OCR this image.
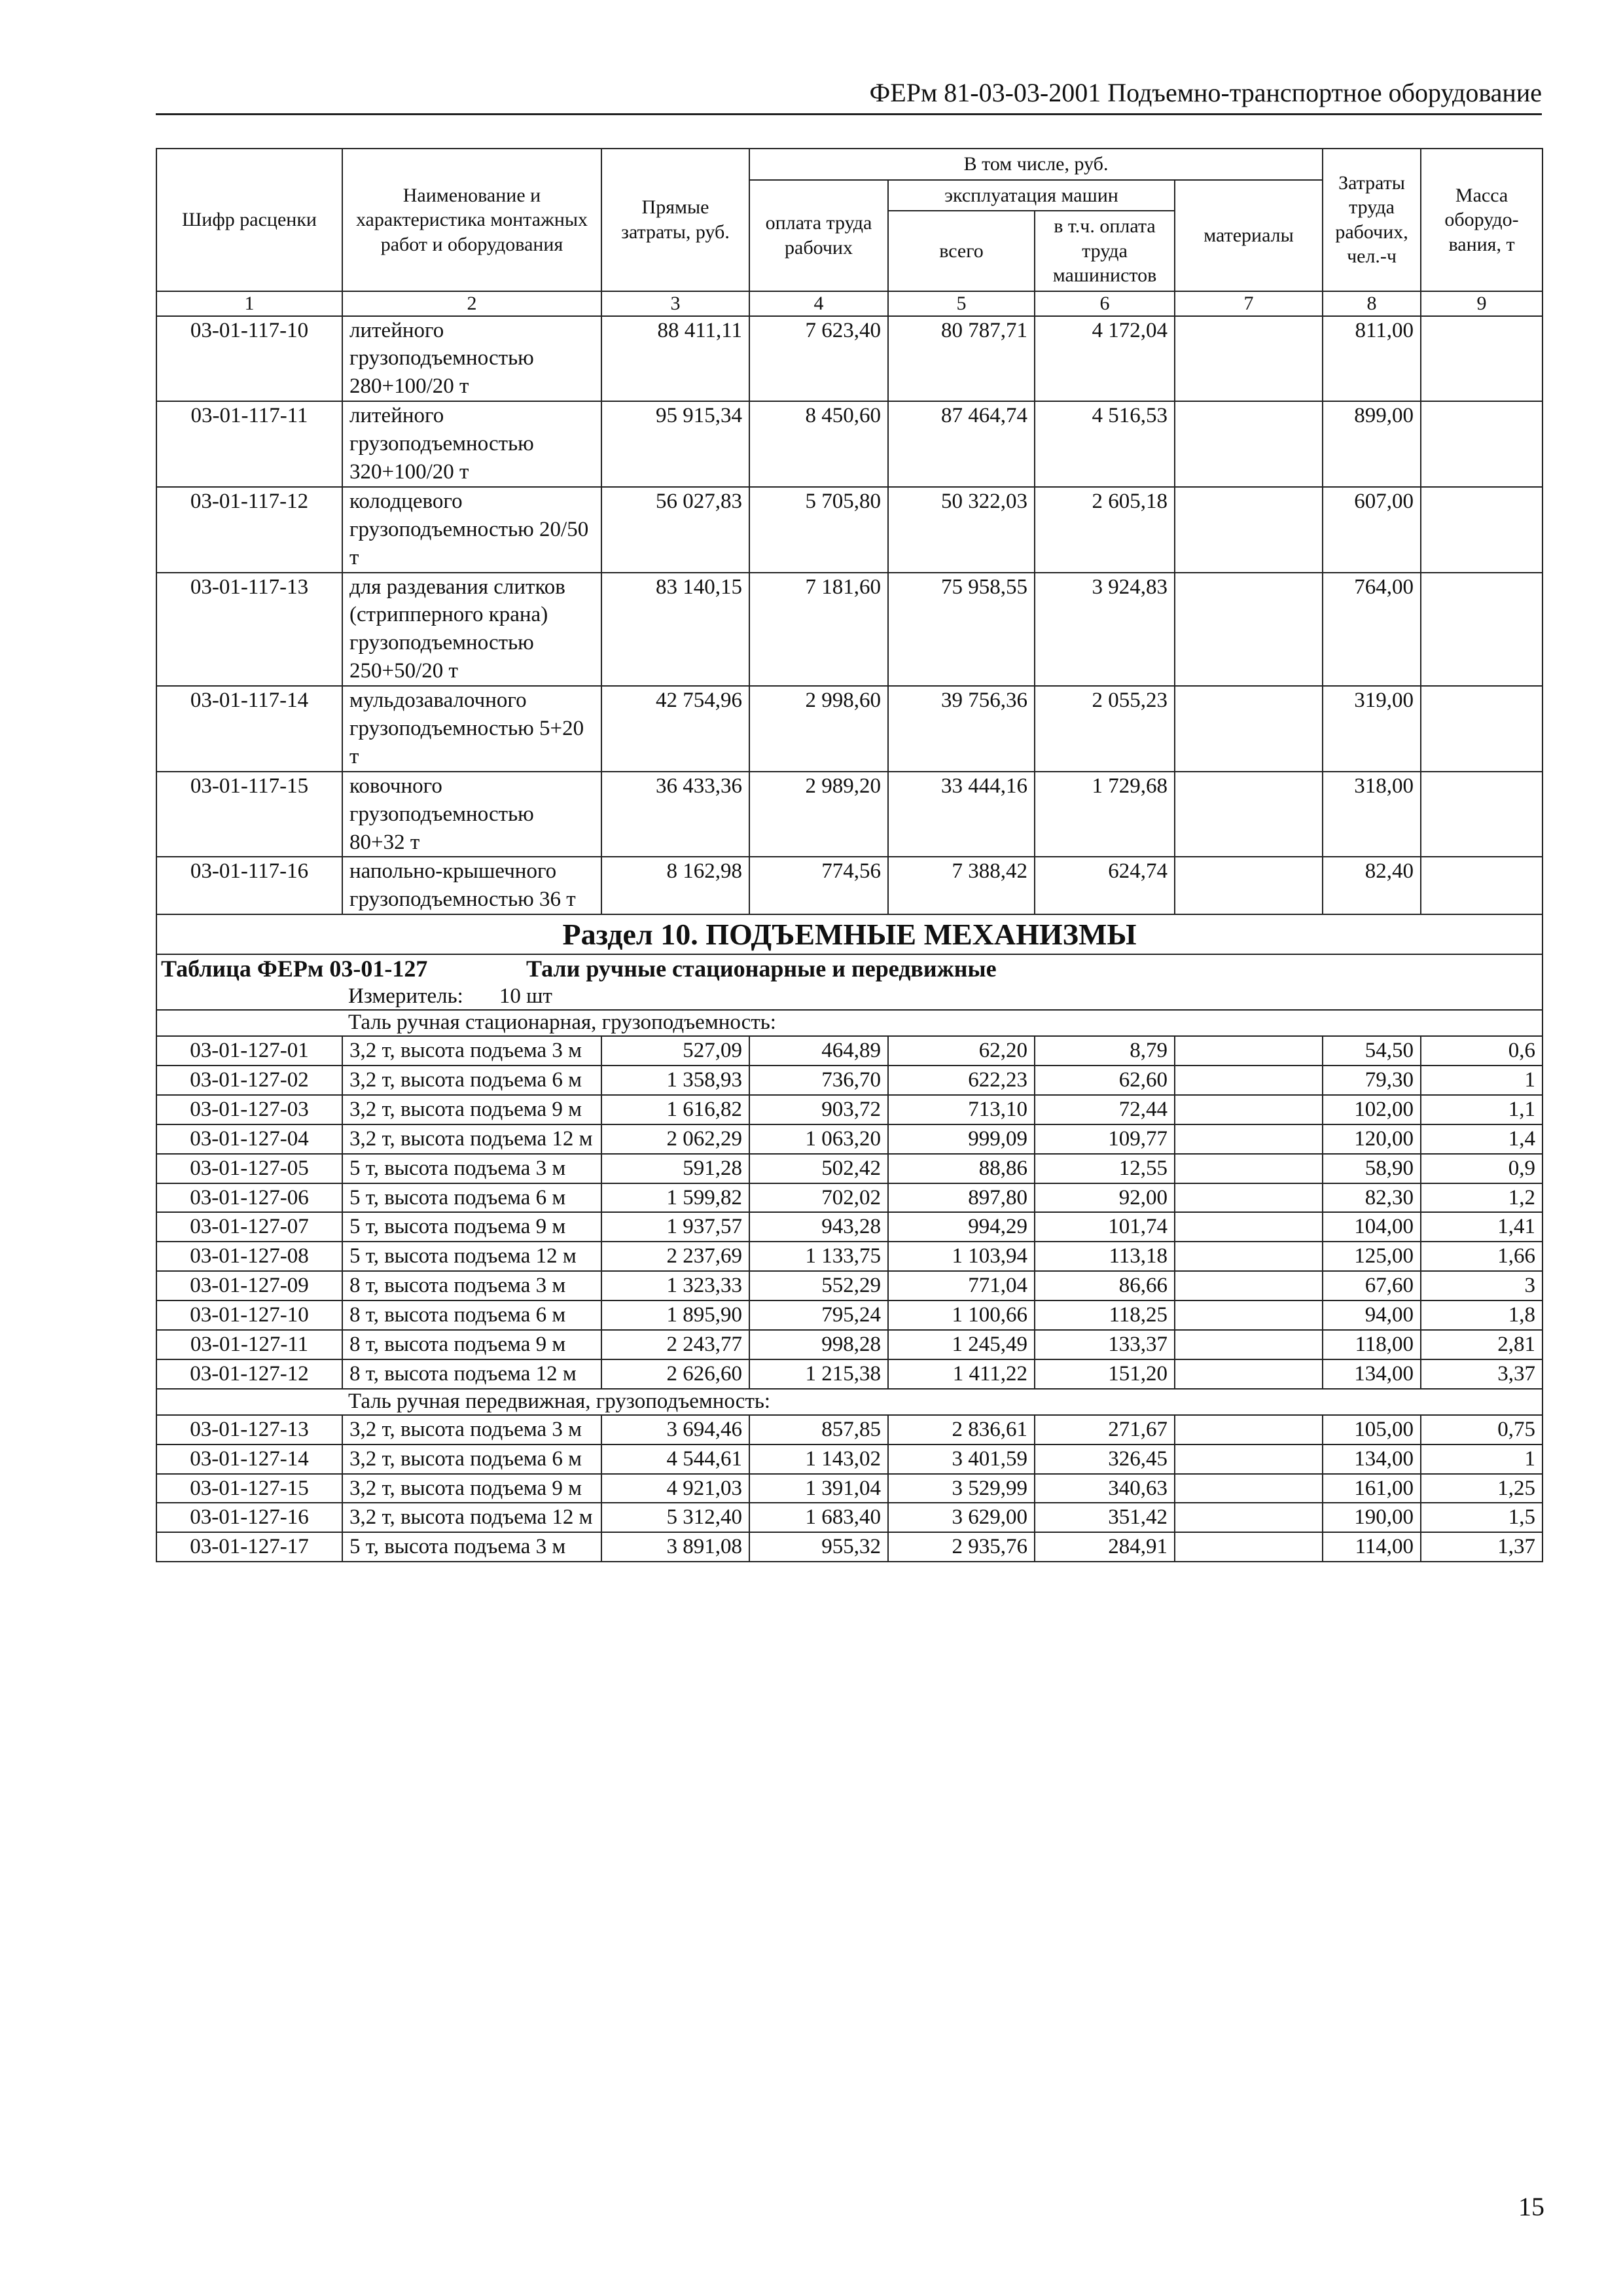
ФЕРм 81-03-03-2001 Подъемно-транспортное оборудование
Шифр расценки	Наименование и характеристика монтажных работ и оборудования	Прямые затраты, руб.	В том числе, руб.				Затраты труда рабочих, чел.-ч	Масса оборудо-вания, т
			оплата труда рабочих	эксплуатация машин		материалы		
				всего	в т.ч. оплата труда машинистов			
1	2	3	4	5	6	7	8	9
03-01-117-10	литейного грузоподъемностью 280+100/20 т	88 411,11	7 623,40	80 787,71	4 172,04		811,00	
03-01-117-11	литейного грузоподъемностью 320+100/20 т	95 915,34	8 450,60	87 464,74	4 516,53		899,00	
03-01-117-12	колодцевого грузоподъемностью 20/50 т	56 027,83	5 705,80	50 322,03	2 605,18		607,00	
03-01-117-13	для раздевания слитков (стрипперного крана) грузоподъемностью 250+50/20 т	83 140,15	7 181,60	75 958,55	3 924,83		764,00	
03-01-117-14	мульдозавалочного грузоподъемностью 5+20 т	42 754,96	2 998,60	39 756,36	2 055,23		319,00	
03-01-117-15	ковочного грузоподъемностью 80+32 т	36 433,36	2 989,20	33 444,16	1 729,68		318,00	
03-01-117-16	напольно-крышечного грузоподъемностью 36 т	8 162,98	774,56	7 388,42	624,74		82,40	
Раздел 10. ПОДЪЕМНЫЕ МЕХАНИЗМЫ								
Таблица ФЕРм 03-01-127 Тали ручные стационарные и передвижные								
Измеритель: 10 шт								
Таль ручная стационарная, грузоподъемность:								
03-01-127-01	3,2 т, высота подъема 3 м	527,09	464,89	62,20	8,79		54,50	0,6
03-01-127-02	3,2 т, высота подъема 6 м	1 358,93	736,70	622,23	62,60		79,30	1
03-01-127-03	3,2 т, высота подъема 9 м	1 616,82	903,72	713,10	72,44		102,00	1,1
03-01-127-04	3,2 т, высота подъема 12 м	2 062,29	1 063,20	999,09	109,77		120,00	1,4
03-01-127-05	5 т, высота подъема 3 м	591,28	502,42	88,86	12,55		58,90	0,9
03-01-127-06	5 т, высота подъема 6 м	1 599,82	702,02	897,80	92,00		82,30	1,2
03-01-127-07	5 т, высота подъема 9 м	1 937,57	943,28	994,29	101,74		104,00	1,41
03-01-127-08	5 т, высота подъема 12 м	2 237,69	1 133,75	1 103,94	113,18		125,00	1,66
03-01-127-09	8 т, высота подъема 3 м	1 323,33	552,29	771,04	86,66		67,60	3
03-01-127-10	8 т, высота подъема 6 м	1 895,90	795,24	1 100,66	118,25		94,00	1,8
03-01-127-11	8 т, высота подъема 9 м	2 243,77	998,28	1 245,49	133,37		118,00	2,81
03-01-127-12	8 т, высота подъема 12 м	2 626,60	1 215,38	1 411,22	151,20		134,00	3,37
Таль ручная передвижная, грузоподъемность:								
03-01-127-13	3,2 т, высота подъема 3 м	3 694,46	857,85	2 836,61	271,67		105,00	0,75
03-01-127-14	3,2 т, высота подъема 6 м	4 544,61	1 143,02	3 401,59	326,45		134,00	1
03-01-127-15	3,2 т, высота подъема 9 м	4 921,03	1 391,04	3 529,99	340,63		161,00	1,25
03-01-127-16	3,2 т, высота подъема 12 м	5 312,40	1 683,40	3 629,00	351,42		190,00	1,5
03-01-127-17	5 т, высота подъема 3 м	3 891,08	955,32	2 935,76	284,91		114,00	1,37
15
